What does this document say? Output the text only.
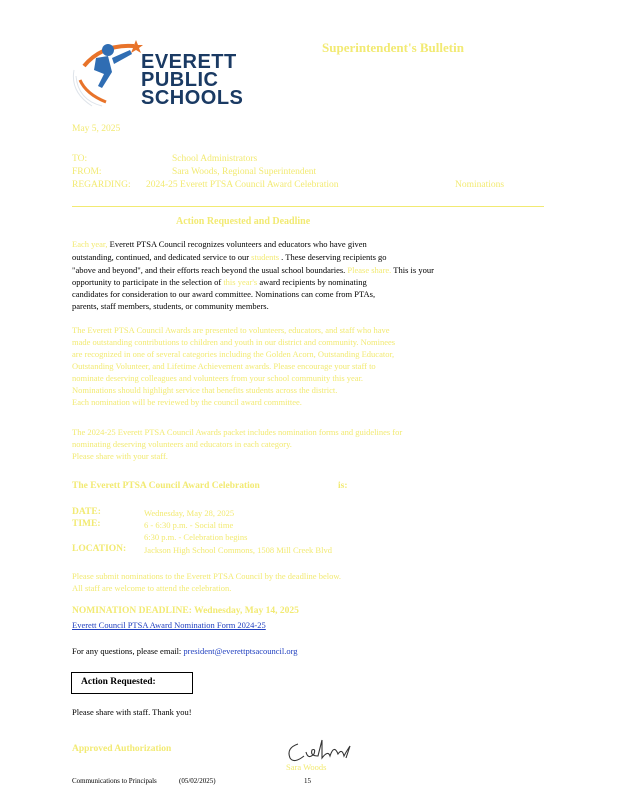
EVERETT
PUBLIC
SCHOOLS
Superintendent's Bulletin
May 5, 2025
TO:	School Administrators
FROM:	Sara Woods, Regional Superintendent
REGARDING: 2024-25 Everett PTSA Council Award Celebration	Nominations
Action Requested and Deadline
Each year, Everett PTSA Council recognizes volunteers and educators who have given
outstanding, continued, and dedicated service to our students . These deserving recipients go
"above and beyond", and their efforts reach beyond the usual school boundaries. Please share. This is your
opportunity to participate in the selection of this year's award recipients by nominating
candidates for consideration to our award committee. Nominations can come from PTAs,
parents, staff members, students, or community members.
The Everett PTSA Council Awards are presented to volunteers, educators, and staff who have
made outstanding contributions to children and youth in our district and community. Nominees
are recognized in one of several categories including the Golden Acorn, Outstanding Educator,
Outstanding Volunteer, and Lifetime Achievement awards. Please encourage your staff to
nominate deserving colleagues and volunteers from your school community this year.
Nominations should highlight service that benefits students across the district.
Each nomination will be reviewed by the council award committee.
The 2024-25 Everett PTSA Council Awards packet includes nomination forms and guidelines for
nominating deserving volunteers and educators in each category.
Please share with your staff.
The Everett PTSA Council Award Celebration	is:
DATE:	Wednesday, May 28, 2025
TIME:	6 - 6:30 p.m. - Social time
6:30 p.m. - Celebration begins
LOCATION: Jackson High School Commons, 1508 Mill Creek Blvd
Please submit nominations to the Everett PTSA Council by the deadline below.
All staff are welcome to attend the celebration.
NOMINATION DEADLINE: Wednesday, May 14, 2025
Everett Council PTSA Award Nomination Form 2024-25
For any questions, please email: president@everettptsacouncil.org
Action Requested:
Please share with staff. Thank you!
Approved Authorization
Sara Woods
Communications to Principals	(05/02/2025)	15
